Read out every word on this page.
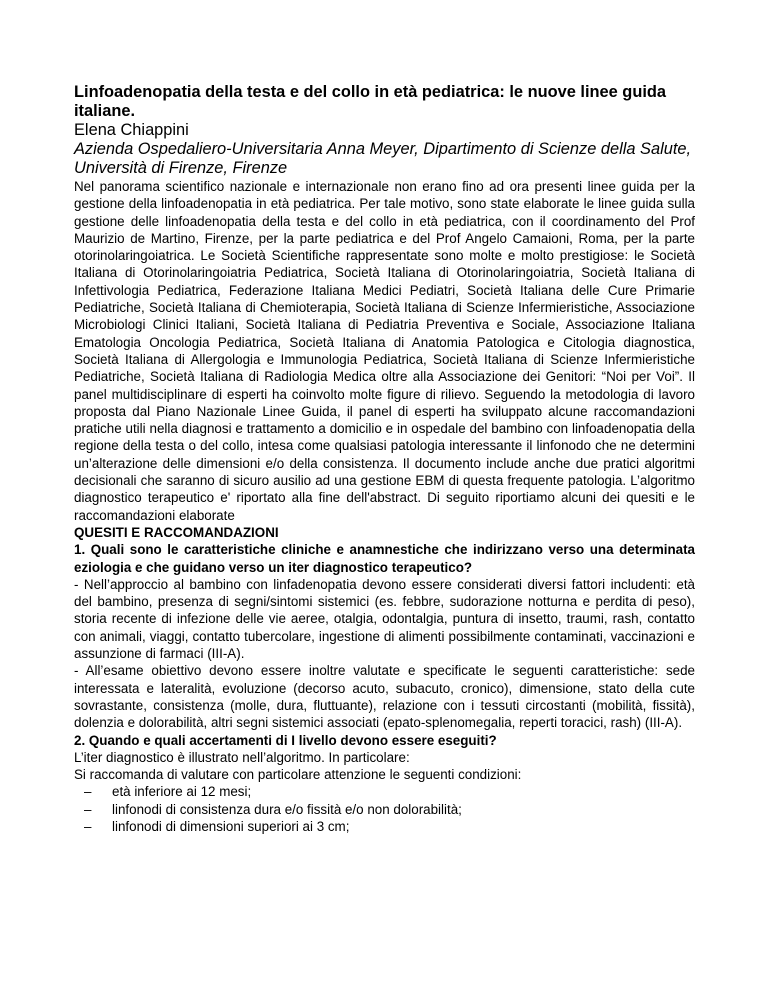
Linfoadenopatia della testa e del collo in età pediatrica: le nuove linee guida italiane.

Elena Chiappini

Azienda Ospedaliero-Universitaria Anna Meyer, Dipartimento di Scienze della Salute, Università di Firenze, Firenze

Nel panorama scientifico nazionale e internazionale non erano fino ad ora presenti linee guida per la gestione della linfoadenopatia in età pediatrica. Per tale motivo, sono state elaborate le linee guida sulla gestione delle linfoadenopatia della testa e del collo in età pediatrica, con il coordinamento del Prof Maurizio de Martino, Firenze, per la parte pediatrica e del Prof Angelo Camaioni, Roma, per la parte otorinolaringoiatrica. Le Società Scientifiche rappresentate sono molte e molto prestigiose: le Società Italiana di Otorinolaringoiatria Pediatrica, Società Italiana di Otorinolaringoiatria, Società Italiana di Infettivologia Pediatrica, Federazione Italiana Medici Pediatri, Società Italiana delle Cure Primarie Pediatriche, Società Italiana di Chemioterapia, Società Italiana di Scienze Infermieristiche, Associazione Microbiologi Clinici Italiani, Società Italiana di Pediatria Preventiva e Sociale, Associazione Italiana Ematologia Oncologia Pediatrica, Società Italiana di Anatomia Patologica e Citologia diagnostica, Società Italiana di Allergologia e Immunologia Pediatrica, Società Italiana di Scienze Infermieristiche Pediatriche, Società Italiana di Radiologia Medica oltre alla Associazione dei Genitori: “Noi per Voi”. Il panel multidisciplinare di esperti ha coinvolto molte figure di rilievo. Seguendo la metodologia di lavoro proposta dal Piano Nazionale Linee Guida, il panel di esperti ha sviluppato alcune raccomandazioni pratiche utili nella diagnosi e trattamento a domicilio e in ospedale del bambino con linfoadenopatia della regione della testa o del collo, intesa come qualsiasi patologia interessante il linfonodo che ne determini un’alterazione delle dimensioni e/o della consistenza. Il documento include anche due pratici algoritmi decisionali che saranno di sicuro ausilio ad una gestione EBM di questa frequente patologia. L’algoritmo diagnostico terapeutico e' riportato alla fine dell'abstract. Di seguito riportiamo alcuni dei quesiti e le raccomandazioni elaborate

QUESITI E RACCOMANDAZIONI

1. Quali sono le caratteristiche cliniche e anamnestiche che indirizzano verso una determinata eziologia e che guidano verso un iter diagnostico terapeutico?

- Nell’approccio al bambino con linfadenopatia devono essere considerati diversi fattori includenti: età del bambino, presenza di segni/sintomi sistemici (es. febbre, sudorazione notturna e perdita di peso), storia recente di infezione delle vie aeree, otalgia, odontalgia, puntura di insetto, traumi, rash, contatto con animali, viaggi, contatto tubercolare, ingestione di alimenti possibilmente contaminati, vaccinazioni e assunzione di farmaci (III-A).

- All’esame obiettivo devono essere inoltre valutate e specificate le seguenti caratteristiche: sede interessata e lateralità, evoluzione (decorso acuto, subacuto, cronico), dimensione, stato della cute sovrastante, consistenza (molle, dura, fluttuante), relazione con i tessuti circostanti (mobilità, fissità), dolenzia e dolorabilità, altri segni sistemici associati (epato-splenomegalia, reperti toracici, rash) (III-A).

2. Quando e quali accertamenti di I livello devono essere eseguiti?

L’iter diagnostico è illustrato nell’algoritmo. In particolare:

Si raccomanda di valutare con particolare attenzione le seguenti condizioni:

– età inferiore ai 12 mesi;
– linfonodi di consistenza dura e/o fissità e/o non dolorabilità;
– linfonodi di dimensioni superiori ai 3 cm;
